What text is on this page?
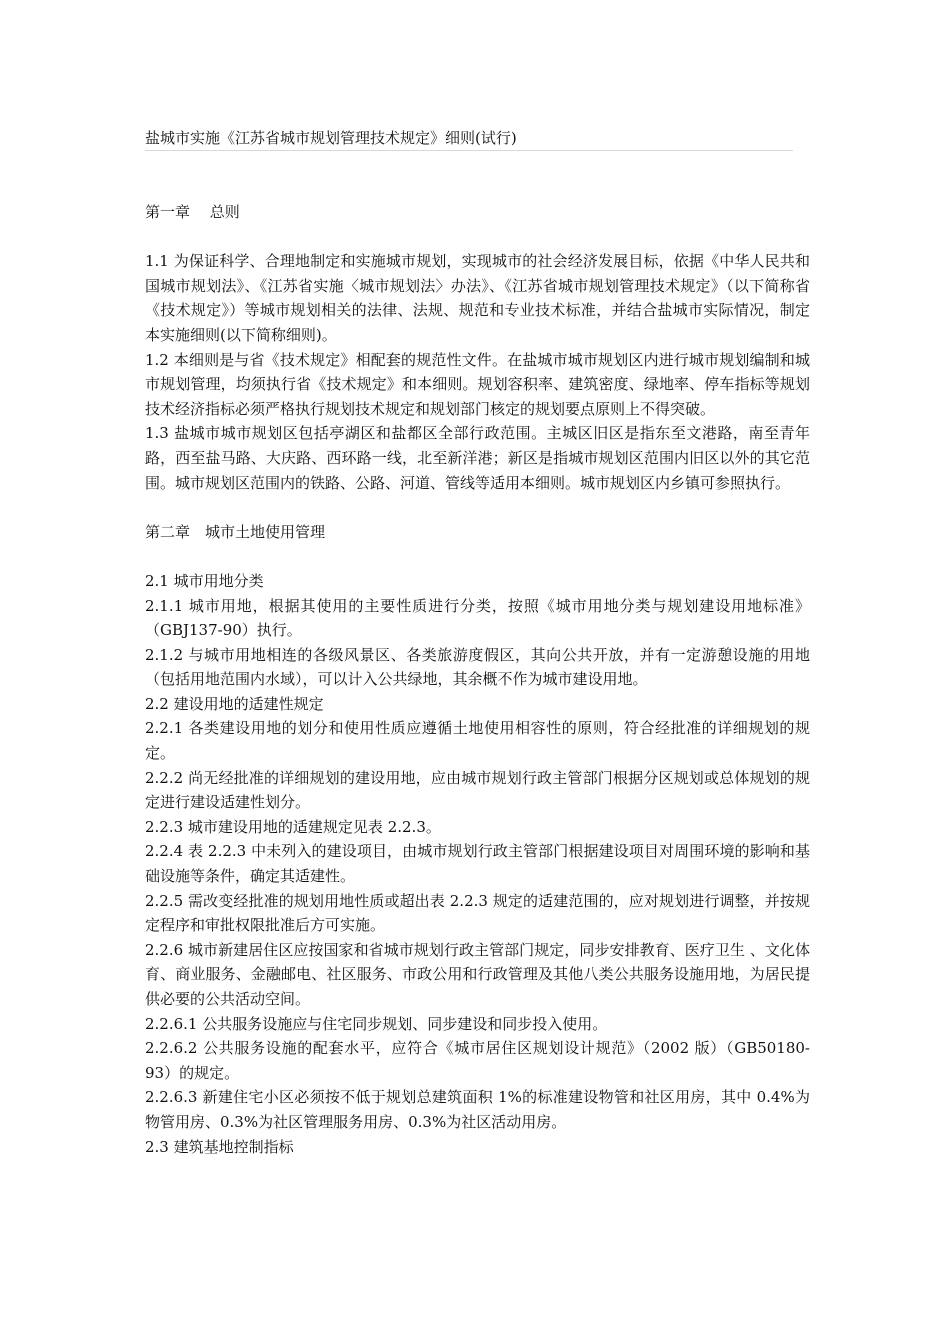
盐城市实施《江苏省城市规划管理技术规定》细则(试行)

第一章　 总则

1.1 为保证科学、合理地制定和实施城市规划，实现城市的社会经济发展目标，依据《中华人民共和国城市规划法》、《江苏省实施〈城市规划法〉办法》、《江苏省城市规划管理技术规定》（以下简称省《技术规定》）等城市规划相关的法律、法规、规范和专业技术标准，并结合盐城市实际情况，制定本实施细则(以下简称细则)。

1.2 本细则是与省《技术规定》相配套的规范性文件。在盐城市城市规划区内进行城市规划编制和城市规划管理，均须执行省《技术规定》和本细则。规划容积率、建筑密度、绿地率、停车指标等规划技术经济指标必须严格执行规划技术规定和规划部门核定的规划要点原则上不得突破。

1.3 盐城市城市规划区包括亭湖区和盐都区全部行政范围。主城区旧区是指东至文港路，南至青年路，西至盐马路、大庆路、西环路一线，北至新洋港；新区是指城市规划区范围内旧区以外的其它范围。城市规划区范围内的铁路、公路、河道、管线等适用本细则。城市规划区内乡镇可参照执行。

第二章　城市土地使用管理

2.1 城市用地分类

2.1.1 城市用地，根据其使用的主要性质进行分类，按照《城市用地分类与规划建设用地标准》（GBJ137-90）执行。

2.1.2 与城市用地相连的各级风景区、各类旅游度假区，其向公共开放，并有一定游憩设施的用地（包括用地范围内水域），可以计入公共绿地，其余概不作为城市建设用地。

2.2 建设用地的适建性规定

2.2.1 各类建设用地的划分和使用性质应遵循土地使用相容性的原则，符合经批准的详细规划的规定。

2.2.2 尚无经批准的详细规划的建设用地，应由城市规划行政主管部门根据分区规划或总体规划的规定进行建设适建性划分。

2.2.3 城市建设用地的适建规定见表 2.2.3。

2.2.4 表 2.2.3 中未列入的建设项目，由城市规划行政主管部门根据建设项目对周围环境的影响和基础设施等条件，确定其适建性。

2.2.5 需改变经批准的规划用地性质或超出表 2.2.3 规定的适建范围的，应对规划进行调整，并按规定程序和审批权限批准后方可实施。

2.2.6 城市新建居住区应按国家和省城市规划行政主管部门规定，同步安排教育、医疗卫生 、文化体育、商业服务、金融邮电、社区服务、市政公用和行政管理及其他八类公共服务设施用地，为居民提供必要的公共活动空间。

2.2.6.1 公共服务设施应与住宅同步规划、同步建设和同步投入使用。

2.2.6.2 公共服务设施的配套水平，应符合《城市居住区规划设计规范》（2002 版）（GB50180-93）的规定。

2.2.6.3 新建住宅小区必须按不低于规划总建筑面积 1%的标准建设物管和社区用房，其中 0.4%为物管用房、0.3%为社区管理服务用房、0.3%为社区活动用房。

2.3 建筑基地控制指标
